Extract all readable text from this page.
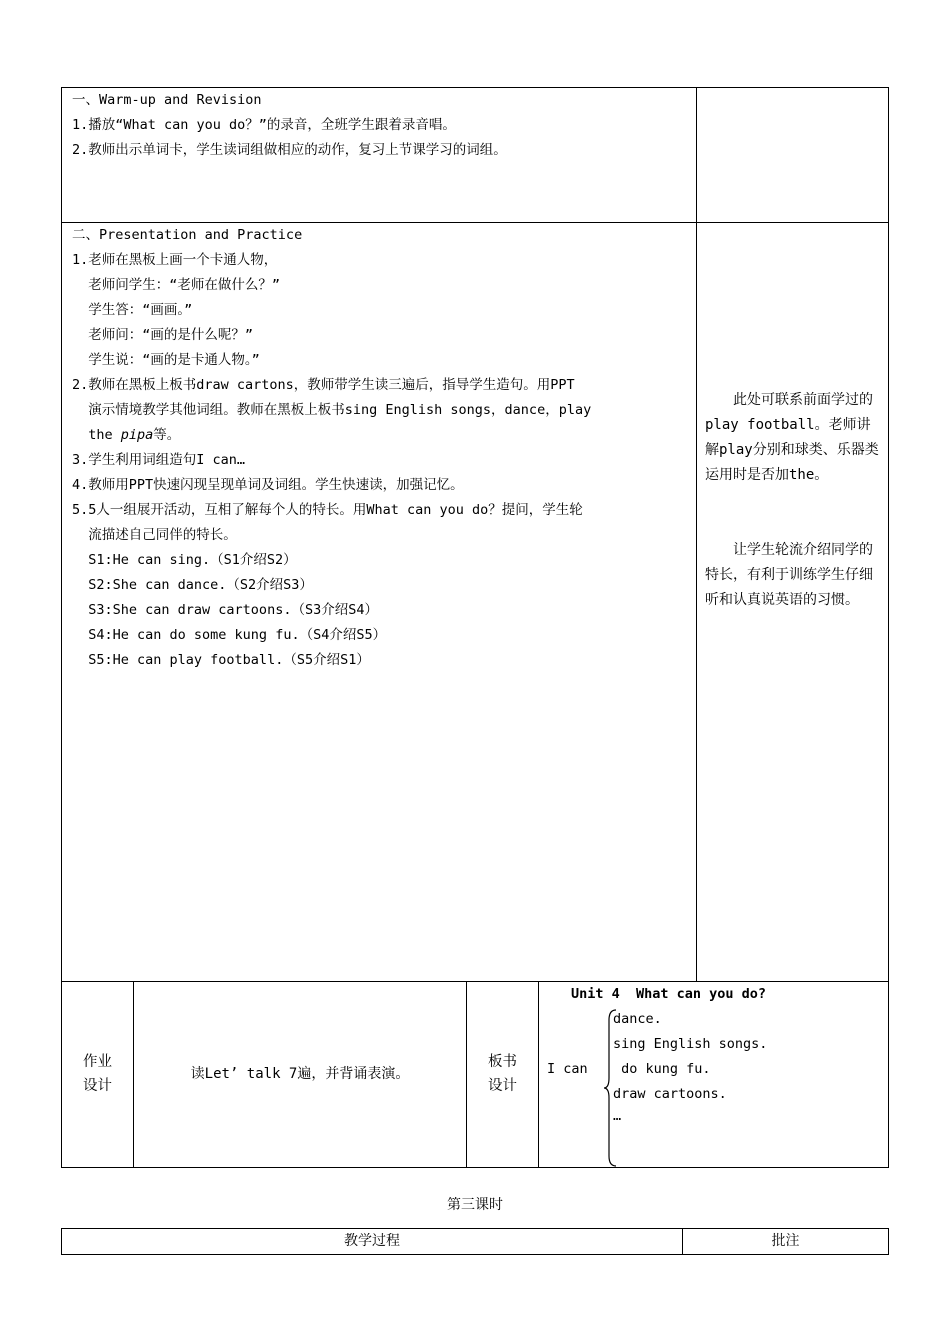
一、Warm-up and Revision
1.播放“What can you do？”的录音，全班学生跟着录音唱。
2.教师出示单词卡，学生读词组做相应的动作，复习上节课学习的词组。
二、Presentation and Practice
1.老师在黑板上画一个卡通人物，
老师问学生：“老师在做什么？”
学生答：“画画。”
老师问：“画的是什么呢？”
学生说：“画的是卡通人物。”
2.教师在黑板上板书draw cartons，教师带学生读三遍后，指导学生造句。用PPT
演示情境教学其他词组。教师在黑板上板书sing English songs，dance，play
the pipa等。
3.学生利用词组造句I can…
4.教师用PPT快速闪现呈现单词及词组。学生快速读，加强记忆。
5.5人一组展开活动，互相了解每个人的特长。用What can you do？提问，学生轮
流描述自己同伴的特长。
S1:He can sing.（S1介绍S2）
S2:She can dance.（S2介绍S3）
S3:She can draw cartoons.（S3介绍S4）
S4:He can do some kung fu.（S4介绍S5）
S5:He can play football.（S5介绍S1）
此处可联系前面学过的play football。老师讲解play分别和球类、乐器类运用时是否加the。
让学生轮流介绍同学的特长，有利于训练学生仔细听和认真说英语的习惯。
作业
设计
读Let’ talk 7遍，并背诵表演。
板书
设计
Unit 4  What can you do?
I can
dance.
sing English songs.
do kung fu.
draw cartoons.
…
第三课时
教学过程	批注
